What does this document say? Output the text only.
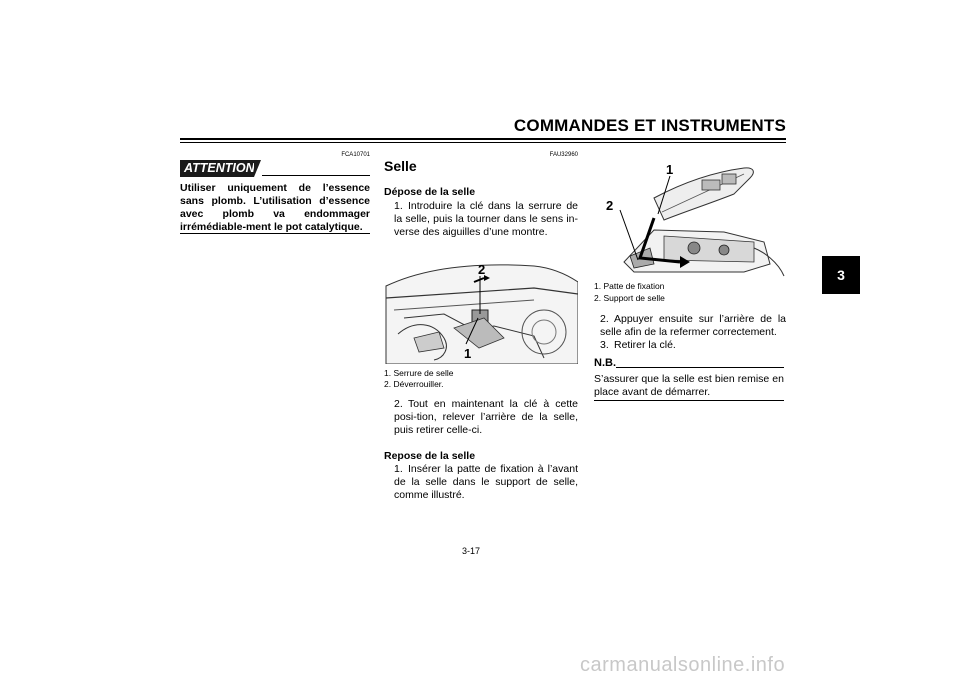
COMMANDES ET INSTRUMENTS
3
FCA10701
ATTENTION
Utiliser uniquement de l’essence sans plomb. L’utilisation d’essence avec plomb va endommager irrémédiable-ment le pot catalytique.
FAU32960
Selle
Dépose de la selle
1. Introduire la clé dans la serrure de la selle, puis la tourner dans le sens in-verse des aiguilles d’une montre.
2
1
1. Serrure de selle
2. Déverrouiller.
2. Tout en maintenant la clé à cette posi-tion, relever l’arrière de la selle, puis retirer celle-ci.
Repose de la selle
1. Insérer la patte de fixation à l’avant de la selle dans le support de selle, comme illustré.
1
2
1. Patte de fixation
2. Support de selle
2. Appuyer ensuite sur l’arrière de la selle afin de la refermer correctement.
3. Retirer la clé.
N.B.
S’assurer que la selle est bien remise en place avant de démarrer.
3-17
carmanualsonline.info
